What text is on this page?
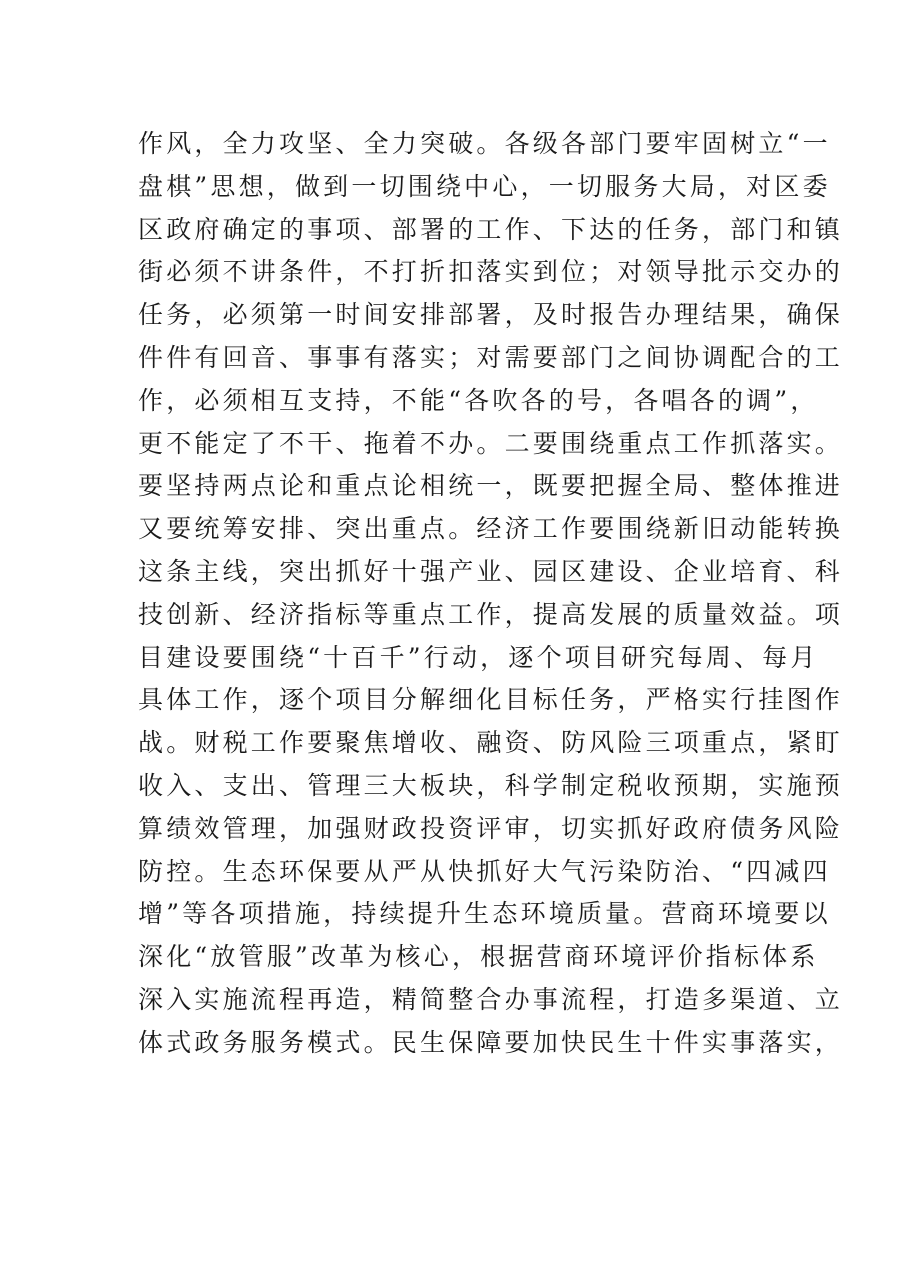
作风，全力攻坚、全力突破。各级各部门要牢固树立“一
盘棋”思想，做到一切围绕中心，一切服务大局，对区委
区政府确定的事项、部署的工作、下达的任务，部门和镇
街必须不讲条件，不打折扣落实到位；对领导批示交办的
任务，必须第一时间安排部署，及时报告办理结果，确保
件件有回音、事事有落实；对需要部门之间协调配合的工
作，必须相互支持，不能“各吹各的号，各唱各的调”，
更不能定了不干、拖着不办。二要围绕重点工作抓落实。
要坚持两点论和重点论相统一，既要把握全局、整体推进
又要统筹安排、突出重点。经济工作要围绕新旧动能转换
这条主线，突出抓好十强产业、园区建设、企业培育、科
技创新、经济指标等重点工作，提高发展的质量效益。项
目建设要围绕“十百千”行动，逐个项目研究每周、每月
具体工作，逐个项目分解细化目标任务，严格实行挂图作
战。财税工作要聚焦增收、融资、防风险三项重点，紧盯
收入、支出、管理三大板块，科学制定税收预期，实施预
算绩效管理，加强财政投资评审，切实抓好政府债务风险
防控。生态环保要从严从快抓好大气污染防治、“四减四
增”等各项措施，持续提升生态环境质量。营商环境要以
深化“放管服”改革为核心，根据营商环境评价指标体系
深入实施流程再造，精简整合办事流程，打造多渠道、立
体式政务服务模式。民生保障要加快民生十件实事落实，
